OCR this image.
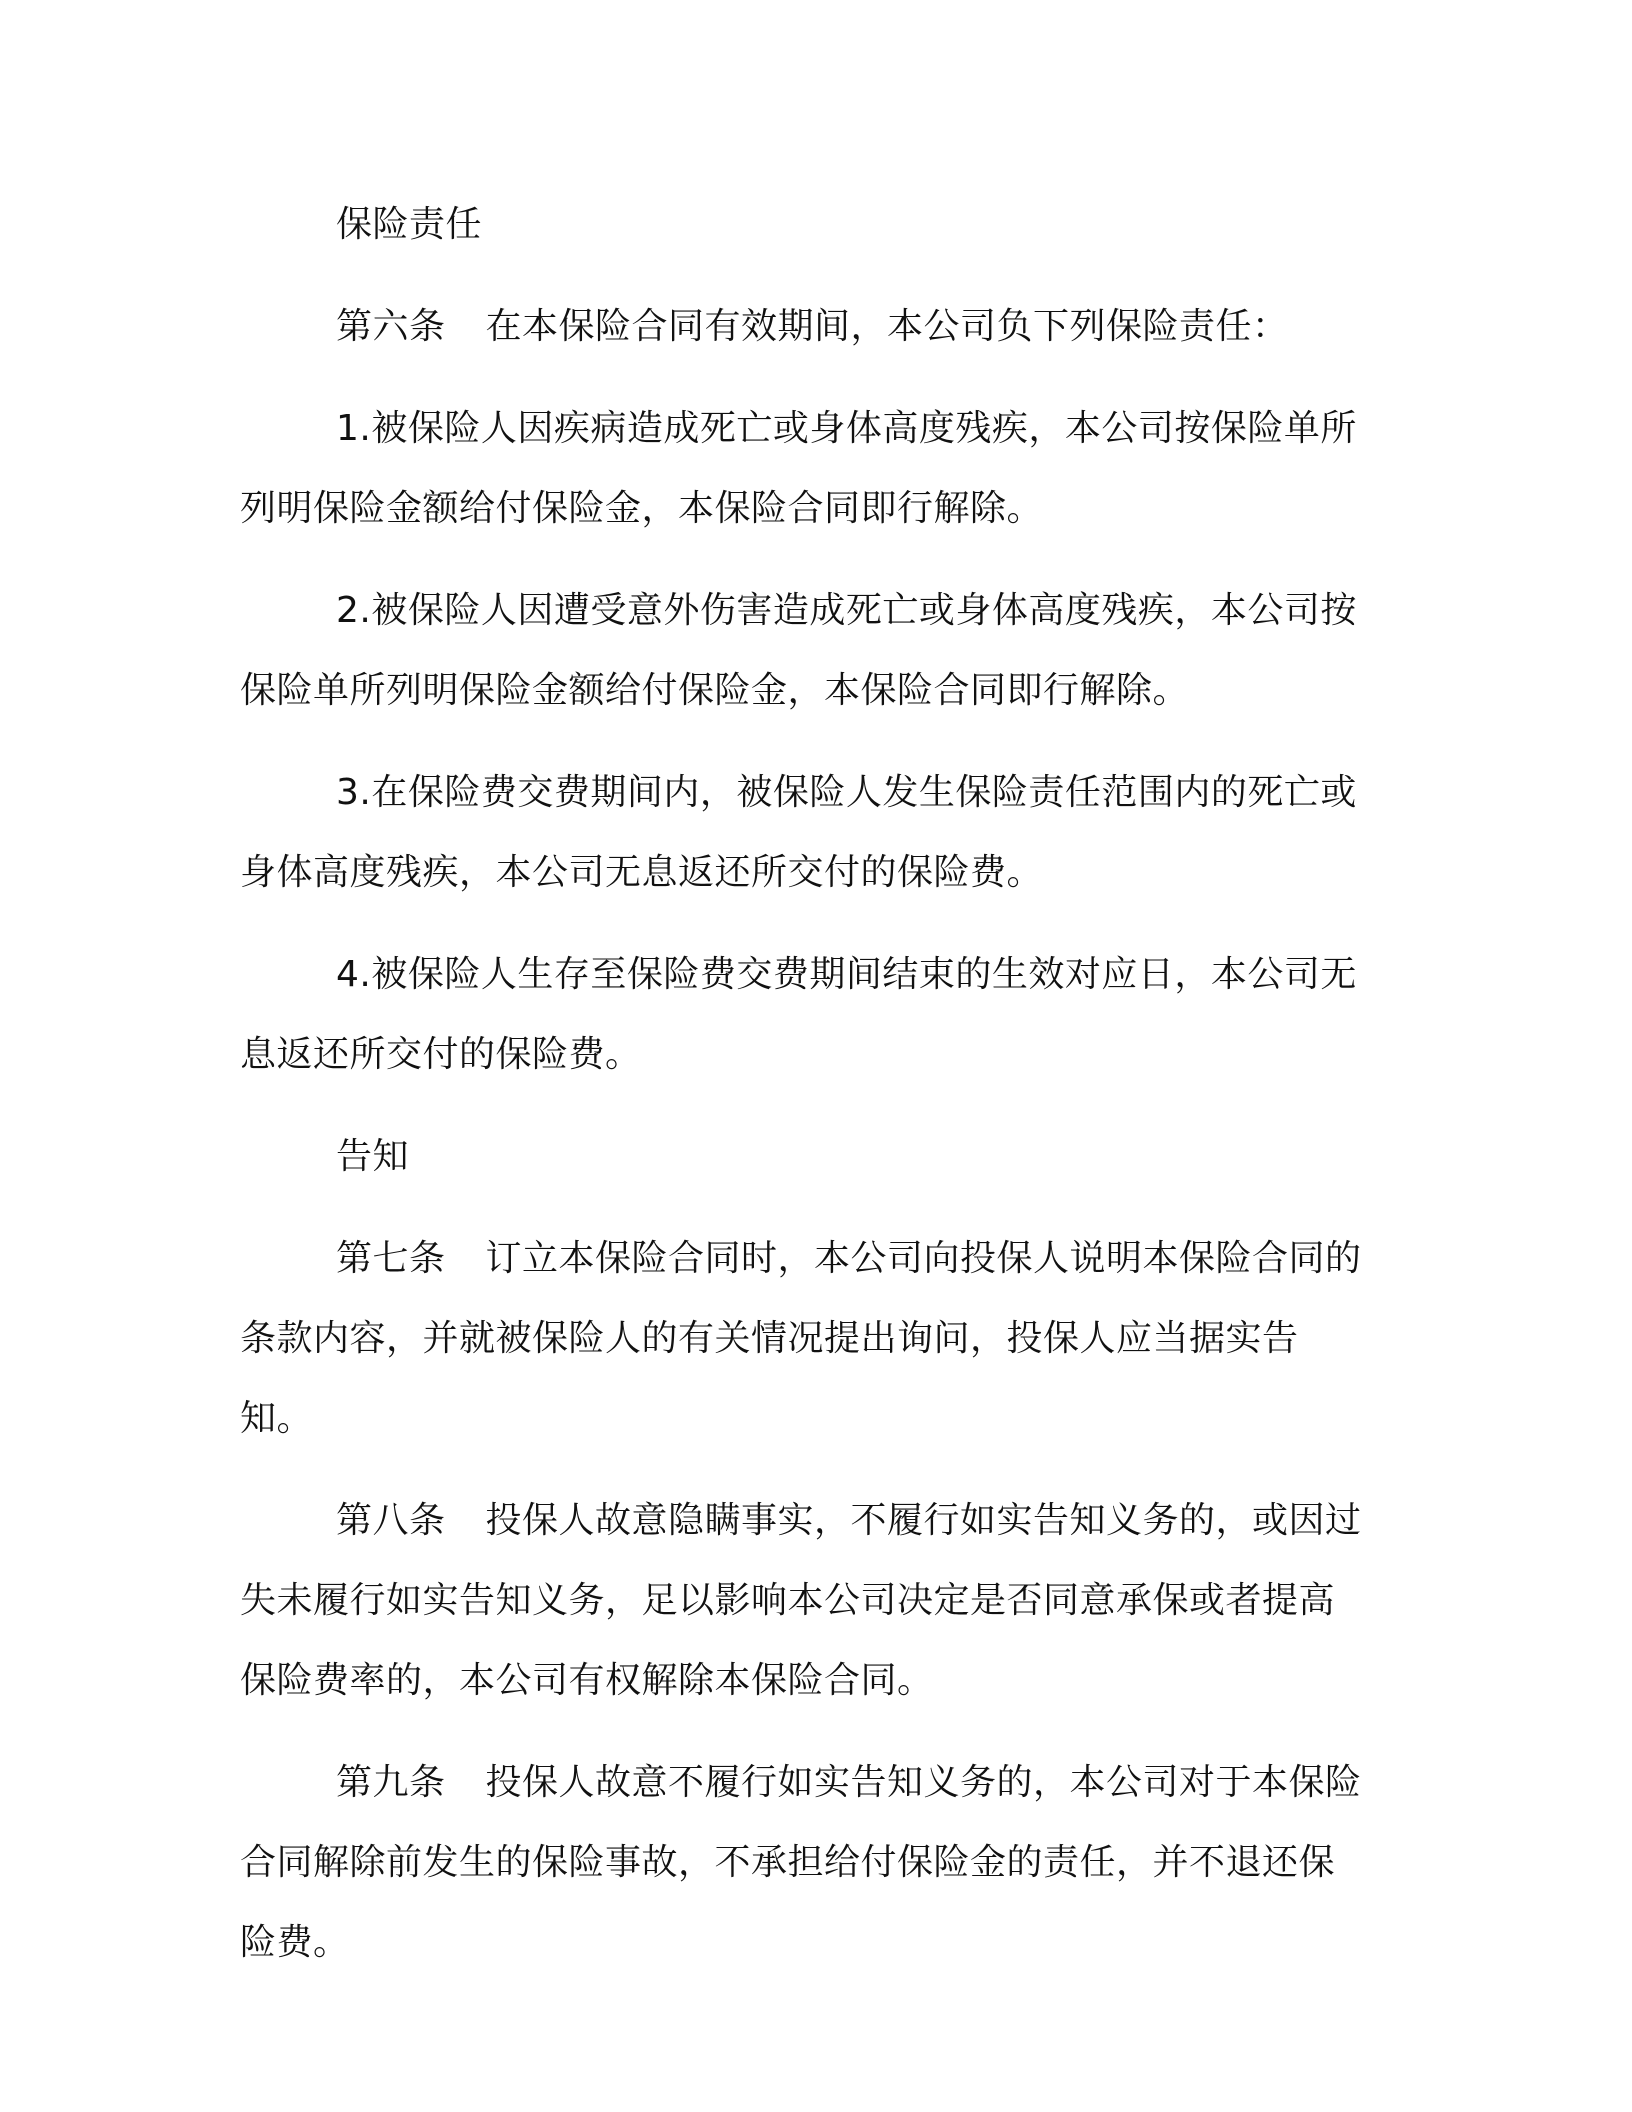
保险责任

第六条 在本保险合同有效期间，本公司负下列保险责任：

1.被保险人因疾病造成死亡或身体高度残疾，本公司按保险单所列明保险金额给付保险金，本保险合同即行解除。

2.被保险人因遭受意外伤害造成死亡或身体高度残疾，本公司按保险单所列明保险金额给付保险金，本保险合同即行解除。

3.在保险费交费期间内，被保险人发生保险责任范围内的死亡或身体高度残疾，本公司无息返还所交付的保险费。

4.被保险人生存至保险费交费期间结束的生效对应日，本公司无息返还所交付的保险费。

告知

第七条 订立本保险合同时，本公司向投保人说明本保险合同的条款内容，并就被保险人的有关情况提出询问，投保人应当据实告知。

第八条 投保人故意隐瞒事实，不履行如实告知义务的，或因过失未履行如实告知义务，足以影响本公司决定是否同意承保或者提高保险费率的，本公司有权解除本保险合同。

第九条 投保人故意不履行如实告知义务的，本公司对于本保险合同解除前发生的保险事故，不承担给付保险金的责任，并不退还保险费。
